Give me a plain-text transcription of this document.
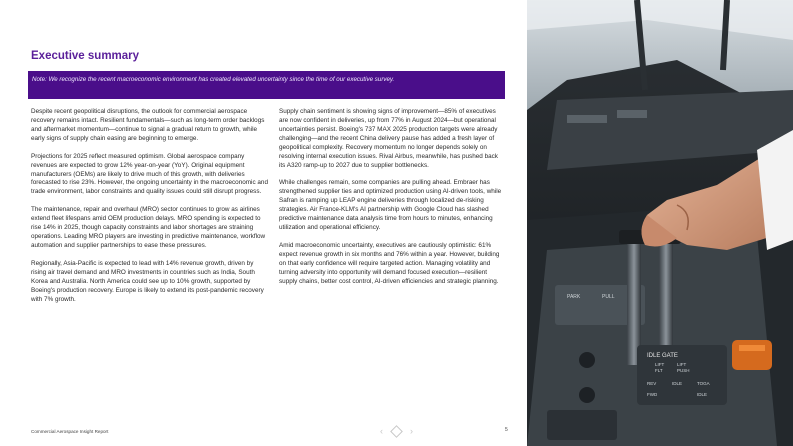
Executive summary
Note: We recognize the recent macroeconomic environment has created elevated uncertainty since the time of our executive survey.

Despite recent geopolitical disruptions, the outlook for commercial aerospace recovery remains intact. Resilient fundamentals—such as long-term order backlogs and aftermarket momentum—continue to signal a gradual return to growth, while early signs of supply chain easing are beginning to emerge.

Projections for 2025 reflect measured optimism. Global aerospace company revenues are expected to grow 12% year-on-year (YoY). Original equipment manufacturers (OEMs) are likely to drive much of this growth, with deliveries forecasted to rise 23%. However, the ongoing uncertainty in the macroeconomic and trade environment, labor constraints and quality issues could still disrupt progress.

The maintenance, repair and overhaul (MRO) sector continues to grow as airlines extend fleet lifespans amid OEM production delays. MRO spending is expected to rise 14% in 2025, though capacity constraints and labor shortages are straining operations. Leading MRO players are investing in predictive maintenance, workflow automation and supplier partnerships to ease these pressures.

Regionally, Asia-Pacific is expected to lead with 14% revenue growth, driven by rising air travel demand and MRO investments in countries such as India, South Korea and Australia. North America could see up to 10% growth, supported by Boeing's production recovery. Europe is likely to extend its post-pandemic recovery with 7% growth.

Supply chain sentiment is showing signs of improvement—85% of executives are now confident in deliveries, up from 77% in August 2024—but operational uncertainties persist. Boeing's 737 MAX 2025 production targets were already challenging—and the recent China delivery pause has added a fresh layer of geopolitical complexity. Recovery momentum no longer depends solely on resolving internal execution issues. Rival Airbus, meanwhile, has pushed back its A320 ramp-up to 2027 due to supplier bottlenecks.

While challenges remain, some companies are pulling ahead. Embraer has strengthened supplier ties and optimized production using AI-driven tools, while Safran is ramping up LEAP engine deliveries through localized de-risking strategies. Air France-KLM's AI partnership with Google Cloud has slashed predictive maintenance data analysis time from hours to minutes, enhancing utilization and operational efficiency.

Amid macroeconomic uncertainty, executives are cautiously optimistic: 61% expect revenue growth in six months and 76% within a year. However, building on that early confidence will require targeted action. Managing volatility and turning adversity into opportunity will demand focused execution—resilient supply chains, better cost control, AI-driven efficiencies and strategic planning.

Commercial Aerospace Insight Report	‹	›	5
PARK	PULL
IDLE GATE
LIFT
FLT
LIFT
PUSH
REV	IDLE	TOGA
FWD	IDLE
